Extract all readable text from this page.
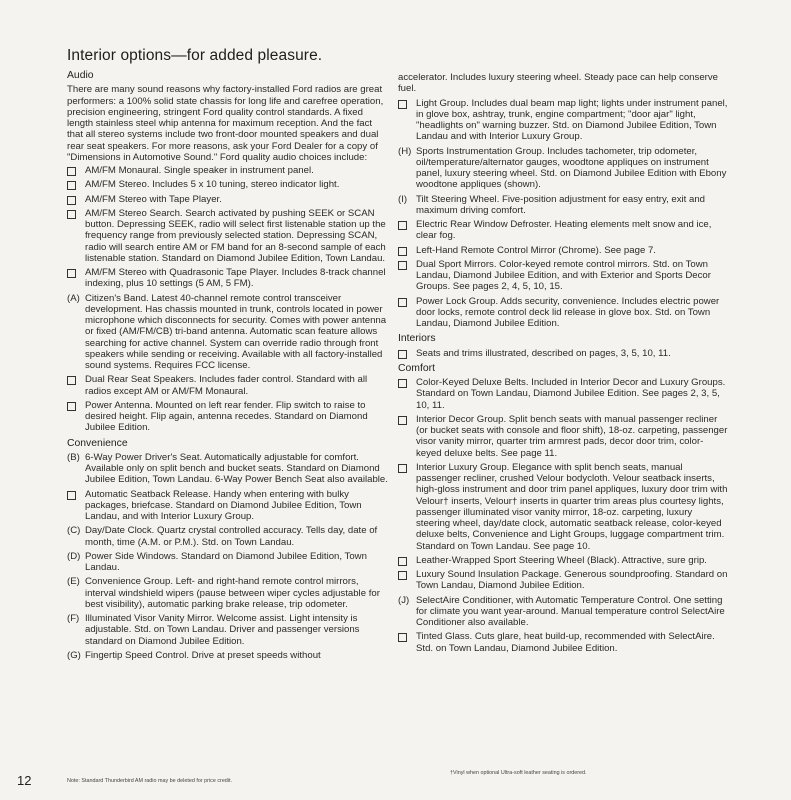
Interior options—for added pleasure.
Audio
There are many sound reasons why factory-installed Ford radios are great performers: a 100% solid state chassis for long life and carefree operation, precision engineering, stringent Ford quality control standards. A fixed length stainless steel whip antenna for maximum reception. And the fact that all stereo systems include two front-door mounted speakers and dual rear seat speakers. For more reasons, ask your Ford Dealer for a copy of "Dimensions in Automotive Sound." Ford quality audio choices include:
AM/FM Monaural. Single speaker in instrument panel.
AM/FM Stereo. Includes 5 x 10 tuning, stereo indicator light.
AM/FM Stereo with Tape Player.
AM/FM Stereo Search. Search activated by pushing SEEK or SCAN button. Depressing SEEK, radio will select first listenable station up the frequency range from previously selected station. Depressing SCAN, radio will search entire AM or FM band for an 8-second sample of each listenable station. Standard on Diamond Jubilee Edition, Town Landau.
AM/FM Stereo with Quadrasonic Tape Player. Includes 8-track channel indexing, plus 10 settings (5 AM, 5 FM).
(A) Citizen's Band. Latest 40-channel remote control transceiver development. Has chassis mounted in trunk, controls located in power microphone which disconnects for security. Comes with power antenna or fixed (AM/FM/CB) tri-band antenna. Automatic scan feature allows searching for active channel. System can override radio through front speakers while sending or receiving. Available with all factory-installed sound systems. Requires FCC license.
Dual Rear Seat Speakers. Includes fader control. Standard with all radios except AM or AM/FM Monaural.
Power Antenna. Mounted on left rear fender. Flip switch to raise to desired height. Flip again, antenna recedes. Standard on Diamond Jubilee Edition.
Convenience
(B) 6-Way Power Driver's Seat. Automatically adjustable for comfort. Available only on split bench and bucket seats. Standard on Diamond Jubilee Edition, Town Landau. 6-Way Power Bench Seat also available.
Automatic Seatback Release. Handy when entering with bulky packages, briefcase. Standard on Diamond Jubilee Edition, Town Landau, and with Interior Luxury Group.
(C) Day/Date Clock. Quartz crystal controlled accuracy. Tells day, date of month, time (A.M. or P.M.). Std. on Town Landau.
(D) Power Side Windows. Standard on Diamond Jubilee Edition, Town Landau.
(E) Convenience Group. Left- and right-hand remote control mirrors, interval windshield wipers (pause between wiper cycles adjustable for best visibility), automatic parking brake release, trip odometer.
(F) Illuminated Visor Vanity Mirror. Welcome assist. Light intensity is adjustable. Std. on Town Landau. Driver and passenger versions standard on Diamond Jubilee Edition.
(G) Fingertip Speed Control. Drive at preset speeds without
accelerator. Includes luxury steering wheel. Steady pace can help conserve fuel.
Light Group. Includes dual beam map light; lights under instrument panel, in glove box, ashtray, trunk, engine compartment; "door ajar" light, "headlights on" warning buzzer. Std. on Diamond Jubilee Edition, Town Landau and with Interior Luxury Group.
(H) Sports Instrumentation Group. Includes tachometer, trip odometer, oil/temperature/alternator gauges, woodtone appliques on instrument panel, luxury steering wheel. Std. on Diamond Jubilee Edition with Ebony woodtone appliques (shown).
(I) Tilt Steering Wheel. Five-position adjustment for easy entry, exit and maximum driving comfort.
Electric Rear Window Defroster. Heating elements melt snow and ice, clear fog.
Left-Hand Remote Control Mirror (Chrome). See page 7.
Dual Sport Mirrors. Color-keyed remote control mirrors. Std. on Town Landau, Diamond Jubilee Edition, and with Exterior and Sports Decor Groups. See pages 2, 4, 5, 10, 15.
Power Lock Group. Adds security, convenience. Includes electric power door locks, remote control deck lid release in glove box. Std. on Town Landau, Diamond Jubilee Edition.
Interiors
Seats and trims illustrated, described on pages, 3, 5, 10, 11.
Comfort
Color-Keyed Deluxe Belts. Included in Interior Decor and Luxury Groups. Standard on Town Landau, Diamond Jubilee Edition. See pages 2, 3, 5, 10, 11.
Interior Decor Group. Split bench seats with manual passenger recliner (or bucket seats with console and floor shift), 18-oz. carpeting, passenger visor vanity mirror, quarter trim armrest pads, decor door trim, color-keyed deluxe belts. See page 11.
Interior Luxury Group. Elegance with split bench seats, manual passenger recliner, crushed Velour bodycloth. Velour seatback inserts, high-gloss instrument and door trim panel appliques, luxury door trim with Velour† inserts, Velour† inserts in quarter trim areas plus courtesy lights, passenger illuminated visor vanity mirror, 18-oz. carpeting, luxury steering wheel, day/date clock, automatic seatback release, color-keyed deluxe belts, Convenience and Light Groups, luggage compartment trim. Standard on Town Landau. See page 10.
Leather-Wrapped Sport Steering Wheel (Black). Attractive, sure grip.
Luxury Sound Insulation Package. Generous soundproofing. Standard on Town Landau, Diamond Jubilee Edition.
(J) SelectAire Conditioner, with Automatic Temperature Control. One setting for climate you want year-around. Manual temperature control SelectAire Conditioner also available.
Tinted Glass. Cuts glare, heat build-up, recommended with SelectAire. Std. on Town Landau, Diamond Jubilee Edition.
Note: Standard Thunderbird AM radio may be deleted for price credit.
†Vinyl when optional Ultra-soft leather seating is ordered.
12
